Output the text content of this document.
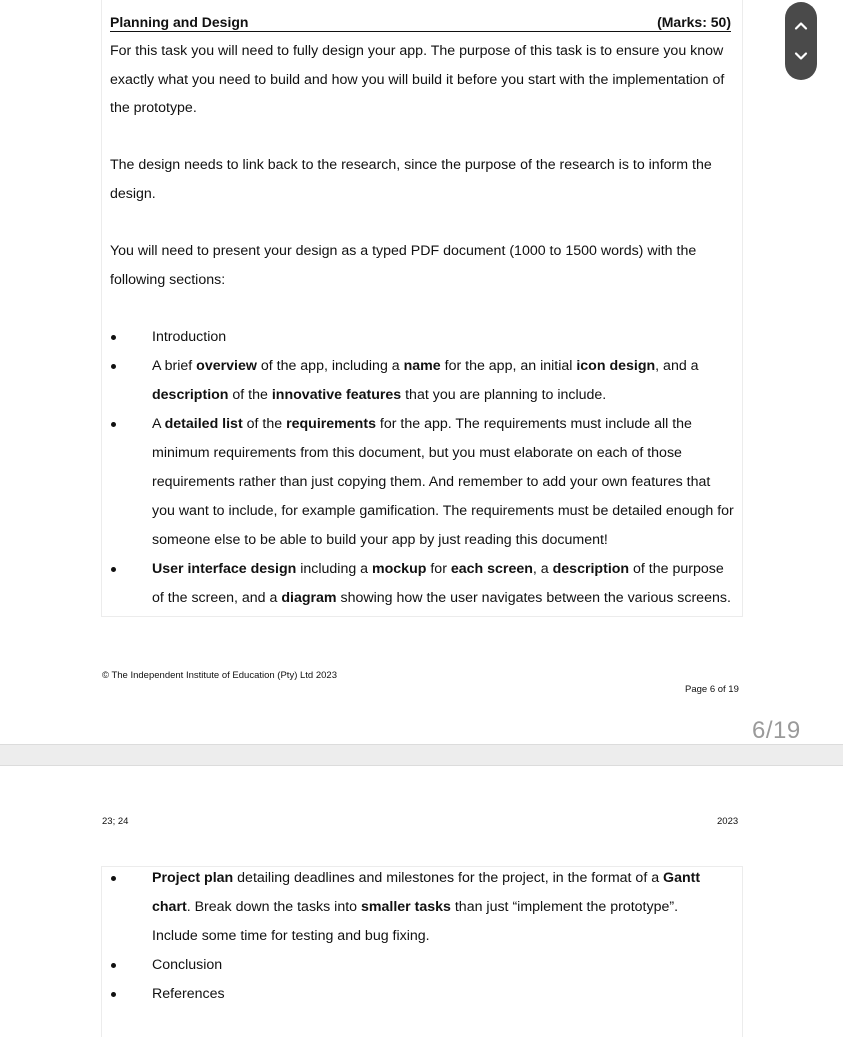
Planning and Design	(Marks: 50)

For this task you will need to fully design your app. The purpose of this task is to ensure you know exactly what you need to build and how you will build it before you start with the implementation of the prototype.

The design needs to link back to the research, since the purpose of the research is to inform the design.

You will need to present your design as a typed PDF document (1000 to 1500 words) with the following sections:

Introduction
A brief overview of the app, including a name for the app, an initial icon design, and a description of the innovative features that you are planning to include.
A detailed list of the requirements for the app. The requirements must include all the minimum requirements from this document, but you must elaborate on each of those requirements rather than just copying them. And remember to add your own features that you want to include, for example gamification. The requirements must be detailed enough for someone else to be able to build your app by just reading this document!
User interface design including a mockup for each screen, a description of the purpose of the screen, and a diagram showing how the user navigates between the various screens.
© The Independent Institute of Education (Pty) Ltd 2023
Page 6 of 19
6/19
23; 24	2023
Project plan detailing deadlines and milestones for the project, in the format of a Gantt chart. Break down the tasks into smaller tasks than just “implement the prototype”. Include some time for testing and bug fixing.
Conclusion
References
